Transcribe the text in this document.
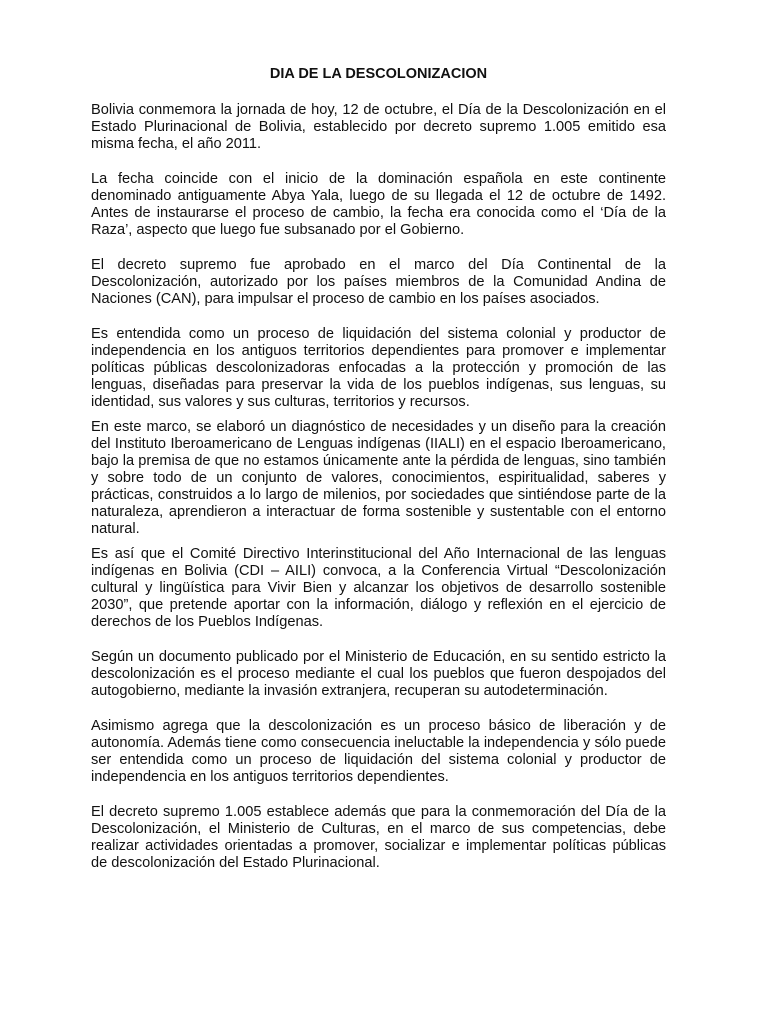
DIA DE LA DESCOLONIZACION

Bolivia conmemora la jornada de hoy, 12 de octubre, el Día de la Descolonización en el Estado Plurinacional de Bolivia, establecido por decreto supremo 1.005 emitido esa misma fecha, el año 2011.

La fecha coincide con el inicio de la dominación española en este continente denominado antiguamente Abya Yala, luego de su llegada el 12 de octubre de 1492. Antes de instaurarse el proceso de cambio, la fecha era conocida como el ‘Día de la Raza’, aspecto que luego fue subsanado por el Gobierno.

El decreto supremo fue aprobado en el marco del Día Continental de la Descolonización, autorizado por los países miembros de la Comunidad Andina de Naciones (CAN), para impulsar el proceso de cambio en los países asociados.

Es entendida como un proceso de liquidación del sistema colonial y productor de independencia en los antiguos territorios dependientes para promover e implementar políticas públicas descolonizadoras enfocadas a la protección y promoción de las lenguas, diseñadas para preservar la vida de los pueblos indígenas, sus lenguas, su identidad, sus valores y sus culturas, territorios y recursos.

En este marco, se elaboró un diagnóstico de necesidades y un diseño para la creación del Instituto Iberoamericano de Lenguas indígenas (IIALI) en el espacio Iberoamericano, bajo la premisa de que no estamos únicamente ante la pérdida de lenguas, sino también y sobre todo de un conjunto de valores, conocimientos, espiritualidad, saberes y prácticas, construidos a lo largo de milenios, por sociedades que sintiéndose parte de la naturaleza, aprendieron a interactuar de forma sostenible y sustentable con el entorno natural.

Es así que el Comité Directivo Interinstitucional del Año Internacional de las lenguas indígenas en Bolivia (CDI – AILI) convoca, a la Conferencia Virtual “Descolonización cultural y lingüística para Vivir Bien y alcanzar los objetivos de desarrollo sostenible 2030”, que pretende aportar con la información, diálogo y reflexión en el ejercicio de derechos de los Pueblos Indígenas.

Según un documento publicado por el Ministerio de Educación, en su sentido estricto la descolonización es el proceso mediante el cual los pueblos que fueron despojados del autogobierno, mediante la invasión extranjera, recuperan su autodeterminación.

Asimismo agrega que la descolonización es un proceso básico de liberación y de autonomía. Además tiene como consecuencia ineluctable la independencia y sólo puede ser entendida como un proceso de liquidación del sistema colonial y productor de independencia en los antiguos territorios dependientes.

El decreto supremo 1.005 establece además que para la conmemoración del Día de la Descolonización, el Ministerio de Culturas, en el marco de sus competencias, debe realizar actividades orientadas a promover, socializar e implementar políticas públicas de descolonización del Estado Plurinacional.
